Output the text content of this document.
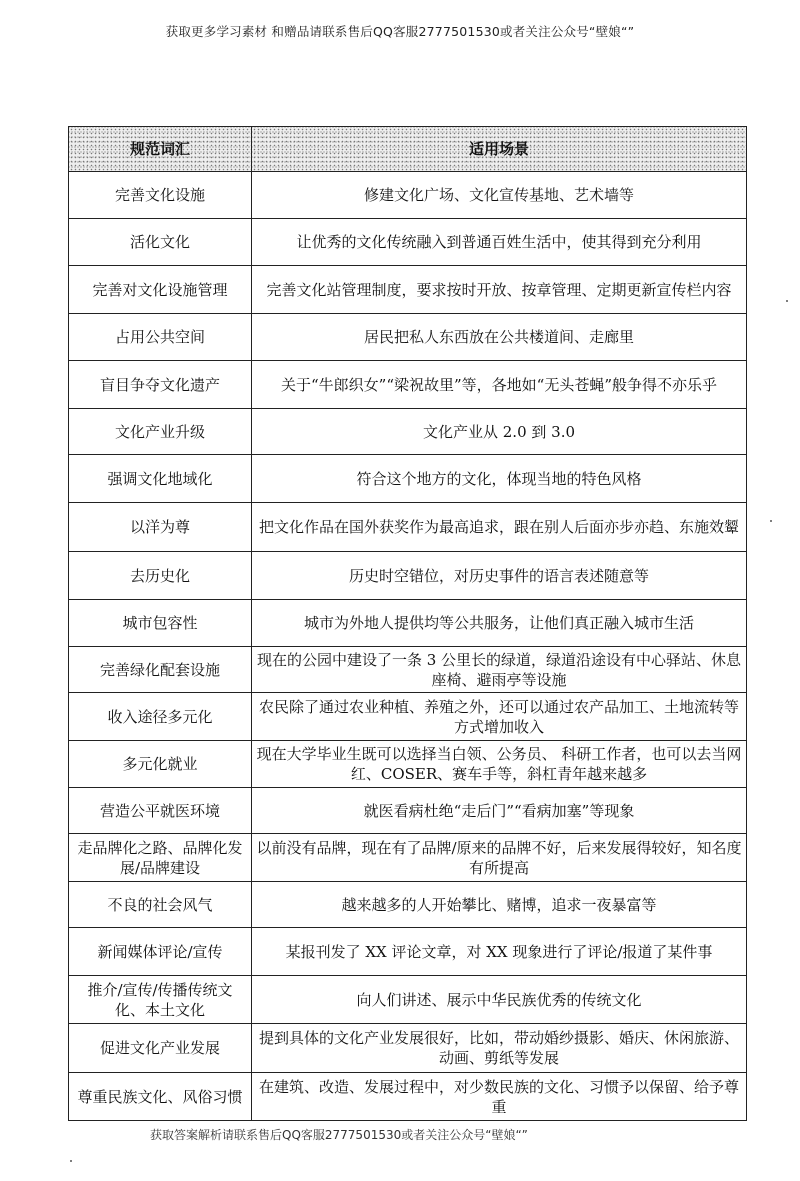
获取更多学习素材 和赠品请联系售后QQ客服2777501530或者关注公众号“壁娘“”
规范词汇	适用场景
完善文化设施	修建文化广场、文化宣传基地、艺术墙等
活化文化	让优秀的文化传统融入到普通百姓生活中，使其得到充分利用
完善对文化设施管理	完善文化站管理制度，要求按时开放、按章管理、定期更新宣传栏内容
占用公共空间	居民把私人东西放在公共楼道间、走廊里
盲目争夺文化遗产	关于“牛郎织女”“梁祝故里”等，各地如“无头苍蝇”般争得不亦乐乎
文化产业升级	文化产业从 2.0 到 3.0
强调文化地域化	符合这个地方的文化，体现当地的特色风格
以洋为尊	把文化作品在国外获奖作为最高追求，跟在别人后面亦步亦趋、东施效颦
去历史化	历史时空错位，对历史事件的语言表述随意等
城市包容性	城市为外地人提供均等公共服务，让他们真正融入城市生活
完善绿化配套设施	现在的公园中建设了一条 3 公里长的绿道，绿道沿途设有中心驿站、休息座椅、避雨亭等设施
收入途径多元化	农民除了通过农业种植、养殖之外，还可以通过农产品加工、土地流转等方式增加收入
多元化就业	现在大学毕业生既可以选择当白领、公务员、 科研工作者，也可以去当网红、COSER、赛车手等，斜杠青年越来越多
营造公平就医环境	就医看病杜绝“走后门”“看病加塞”等现象
走品牌化之路、品牌化发展/品牌建设	以前没有品牌，现在有了品牌/原来的品牌不好，后来发展得较好，知名度有所提高
不良的社会风气	越来越多的人开始攀比、赌博，追求一夜暴富等
新闻媒体评论/宣传	某报刊发了 XX 评论文章，对 XX 现象进行了评论/报道了某件事
推介/宣传/传播传统文化、本土文化	向人们讲述、展示中华民族优秀的传统文化
促进文化产业发展	提到具体的文化产业发展很好，比如，带动婚纱摄影、婚庆、休闲旅游、动画、剪纸等发展
尊重民族文化、风俗习惯	在建筑、改造、发展过程中，对少数民族的文化、习惯予以保留、给予尊重
获取答案解析请联系售后QQ客服2777501530或者关注公众号“壁娘“”
